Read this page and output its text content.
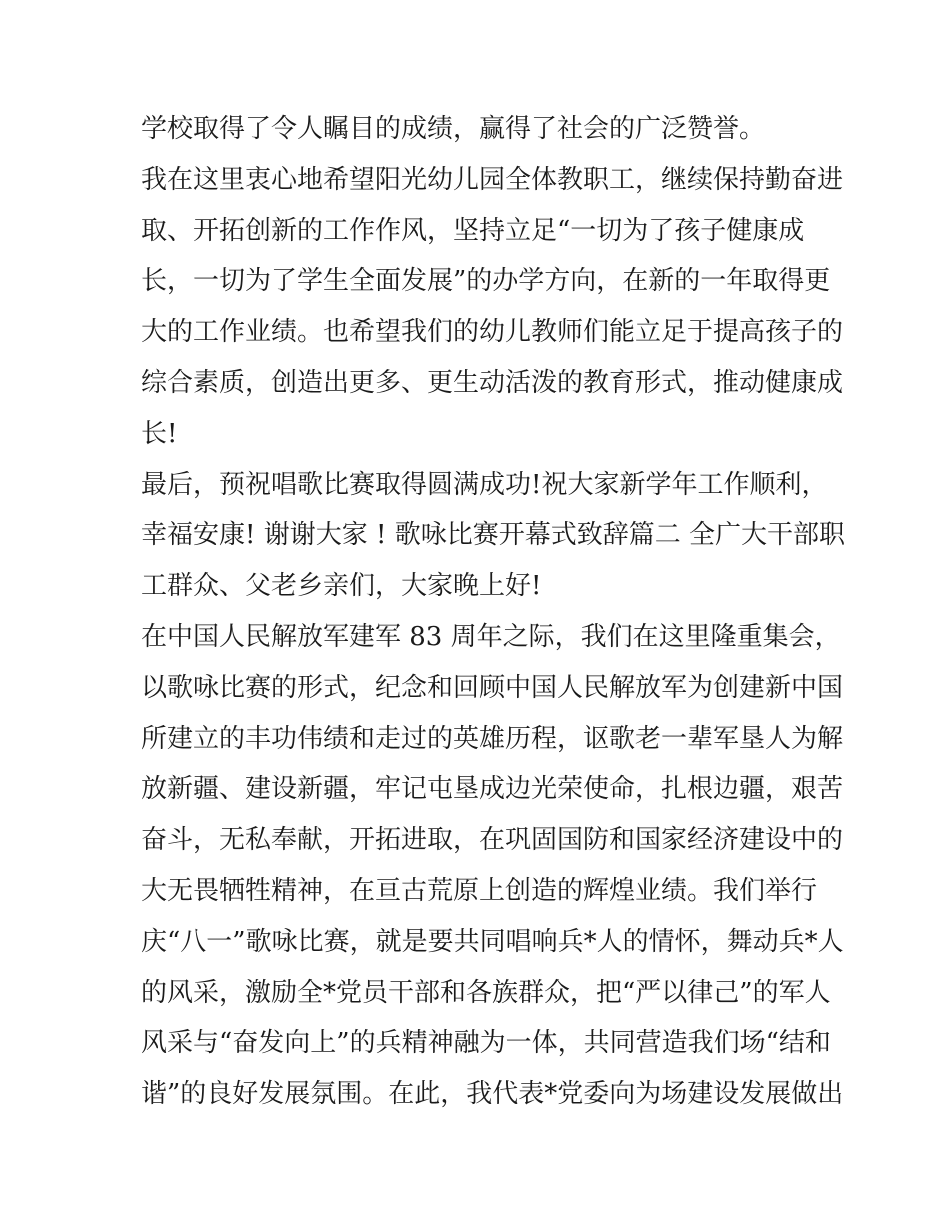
学校取得了令人瞩目的成绩，赢得了社会的广泛赞誉。
我在这里衷心地希望阳光幼儿园全体教职工，继续保持勤奋进
取、开拓创新的工作作风，坚持立足“一切为了孩子健康成
长，一切为了学生全面发展”的办学方向，在新的一年取得更
大的工作业绩。也希望我们的幼儿教师们能立足于提高孩子的
综合素质，创造出更多、更生动活泼的教育形式，推动健康成
长!
最后，预祝唱歌比赛取得圆满成功!祝大家新学年工作顺利，
幸福安康! 谢谢大家 ! 歌咏比赛开幕式致辞篇二 全广大干部职
工群众、父老乡亲们，大家晚上好!
在中国人民解放军建军 83 周年之际，我们在这里隆重集会，
以歌咏比赛的形式，纪念和回顾中国人民解放军为创建新中国
所建立的丰功伟绩和走过的英雄历程，讴歌老一辈军垦人为解
放新疆、建设新疆，牢记屯垦成边光荣使命，扎根边疆，艰苦
奋斗，无私奉献，开拓进取，在巩固国防和国家经济建设中的
大无畏牺牲精神，在亘古荒原上创造的辉煌业绩。我们举行
庆“八一”歌咏比赛，就是要共同唱响兵*人的情怀，舞动兵*人
的风采，激励全*党员干部和各族群众，把“严以律己”的军人
风采与“奋发向上”的兵精神融为一体，共同营造我们场“结和
谐”的良好发展氛围。在此，我代表*党委向为场建设发展做出
